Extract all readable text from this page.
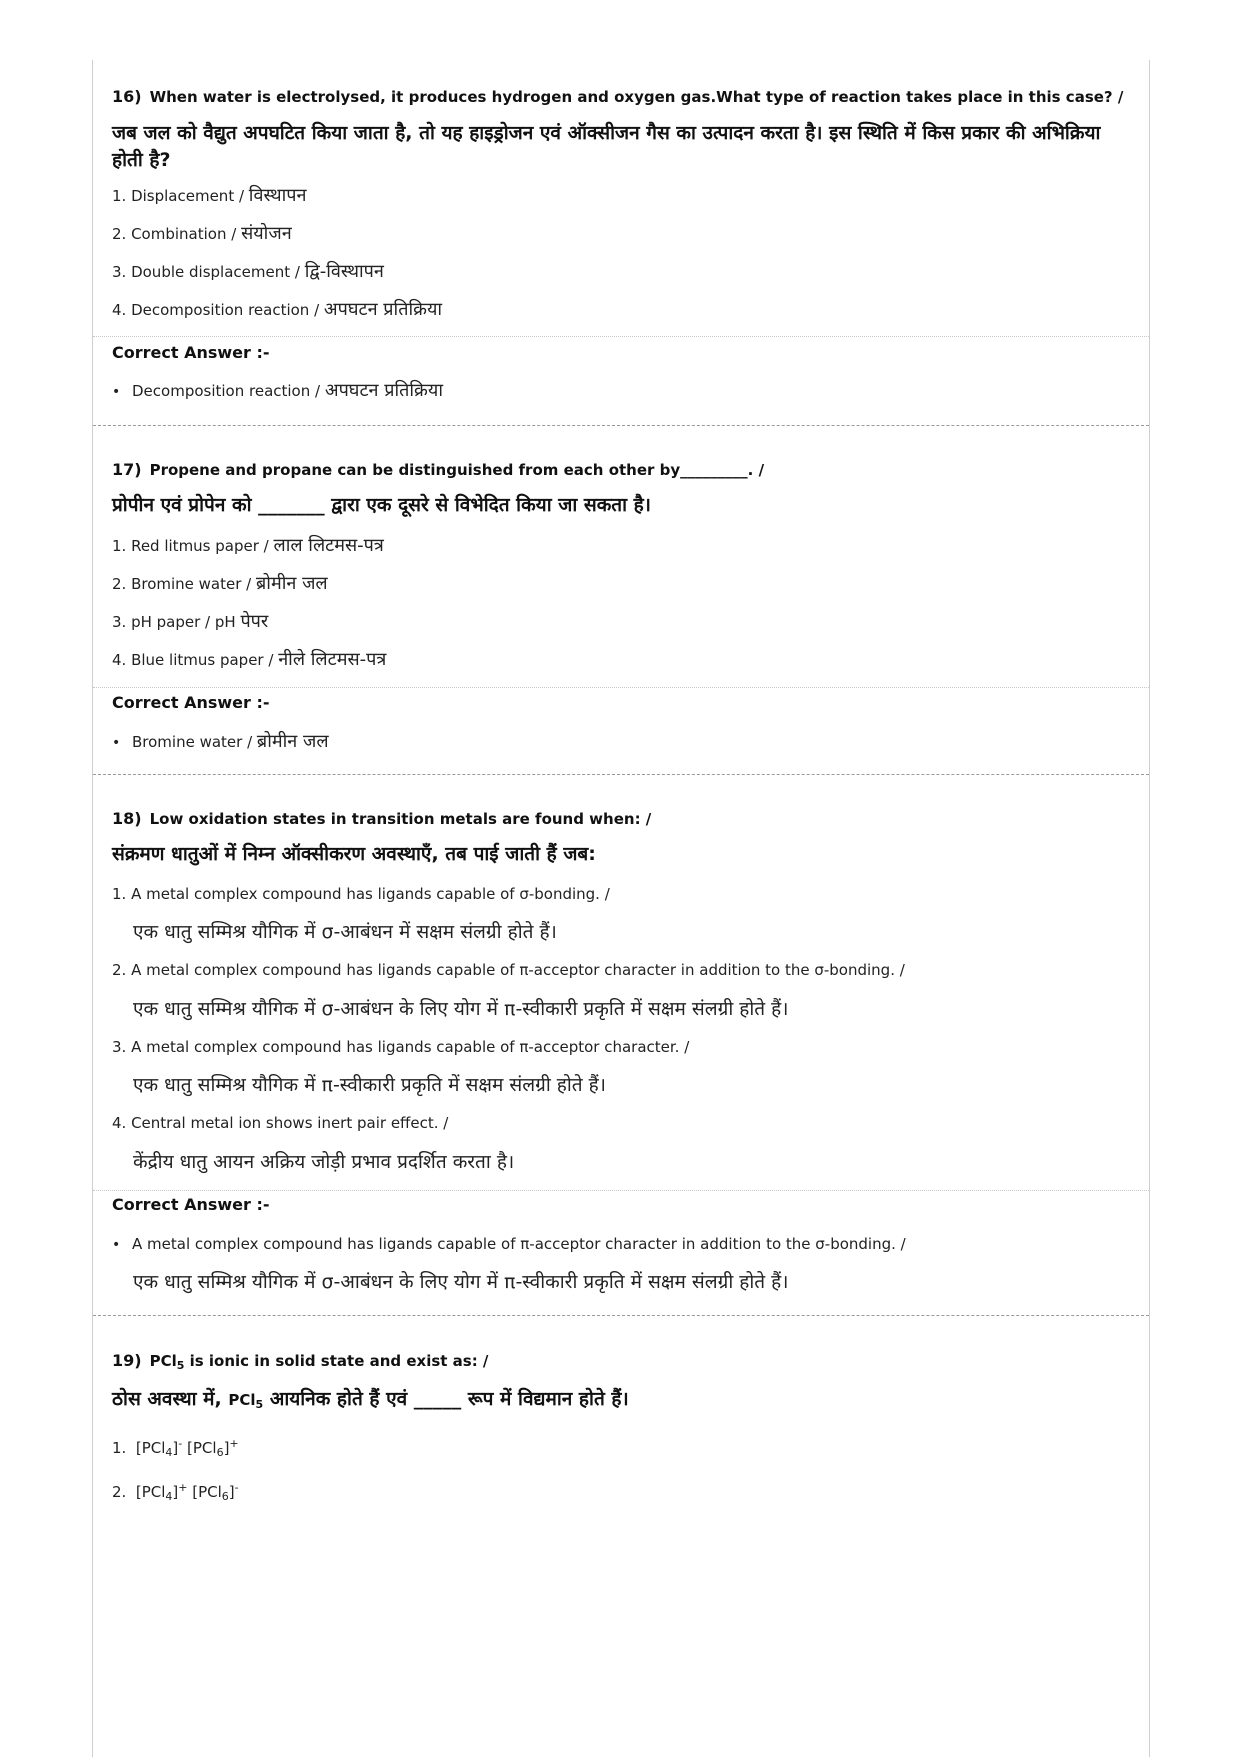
16) When water is electrolysed, it produces hydrogen and oxygen gas.What type of reaction takes place in this case? /
जब जल को वैद्युत अपघटित किया जाता है, तो यह हाइड्रोजन एवं ऑक्सीजन गैस का उत्पादन करता है। इस स्थिति में किस प्रकार की अभिक्रिया होती है?
1. Displacement / विस्थापन
2. Combination / संयोजन
3. Double displacement / द्वि-विस्थापन
4. Decomposition reaction / अपघटन प्रतिक्रिया
Correct Answer :-
• Decomposition reaction / अपघटन प्रतिक्रिया
17) Propene and propane can be distinguished from each other by_________. /
प्रोपीन एवं प्रोपेन को _______ द्वारा एक दूसरे से विभेदित किया जा सकता है।
1. Red litmus paper / लाल लिटमस-पत्र
2. Bromine water / ब्रोमीन जल
3. pH paper / pH पेपर
4. Blue litmus paper / नीले लिटमस-पत्र
Correct Answer :-
• Bromine water / ब्रोमीन जल
18) Low oxidation states in transition metals are found when: /
संक्रमण धातुओं में निम्न ऑक्सीकरण अवस्थाएँ, तब पाई जाती हैं जब:
1. A metal complex compound has ligands capable of σ-bonding. /
एक धातु सम्मिश्र यौगिक में σ-आबंधन में सक्षम संलग्री होते हैं।
2. A metal complex compound has ligands capable of π-acceptor character in addition to the σ-bonding. /
एक धातु सम्मिश्र यौगिक में σ-आबंधन के लिए योग में π-स्वीकारी प्रकृति में सक्षम संलग्री होते हैं।
3. A metal complex compound has ligands capable of π-acceptor character. /
एक धातु सम्मिश्र यौगिक में π-स्वीकारी प्रकृति में सक्षम संलग्री होते हैं।
4. Central metal ion shows inert pair effect. /
केंद्रीय धातु आयन अक्रिय जोड़ी प्रभाव प्रदर्शित करता है।
Correct Answer :-
• A metal complex compound has ligands capable of π-acceptor character in addition to the σ-bonding. /
एक धातु सम्मिश्र यौगिक में σ-आबंधन के लिए योग में π-स्वीकारी प्रकृति में सक्षम संलग्री होते हैं।
19) PCl$_5$ is ionic in solid state and exist as: /
ठोस अवस्था में, PCl$_5$ आयनिक होते हैं एवं _____ रूप में विद्यमान होते हैं।
1. [PCl$_4$]- [PCl$_6$]+
2. [PCl$_4$]+ [PCl$_6$]-
